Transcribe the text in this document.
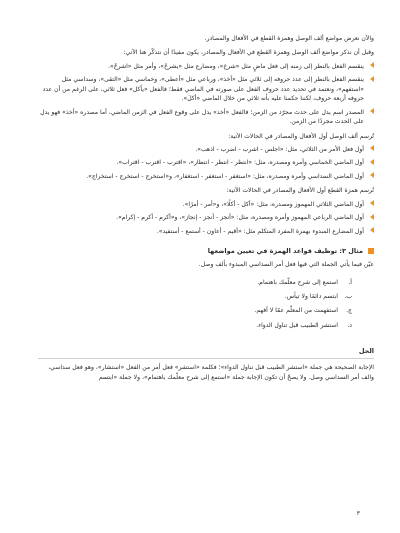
والآن نعرض مواضع ألف الوصل وهمزة القطع في الأفعال والمصادر.

وقبل أن نذكر مواضع ألف الوصل وهمزة القطع في الأفعال والمصادر، يكون مفيدًا أن نتذكّر هنا الآتي:

ينقسم الفعل بالنظر إلى زمنه إلى فعل ماضٍ مثل «شرحَ»، ومضارع مثل «يشرحُ»، وأمر مثل «اشرحْ».
ينقسم الفعل بالنظر إلى عدد حروفه إلى ثلاثي مثل «أخذ»، ورباعي مثل «أعطى»، وخماسي مثل «التقى»، وسداسي مثل «استفهم»، ونعتمد في تحديد عدد حروف الفعل على صورته في الماضي فقط؛ فالفعل «يأكل» فعل ثلاثي، على الرغم من أن عدد حروفه أربعة حروف، لكننا حكمنا عليه بأنه ثلاثي من خلال الماضي «أكلَ».
المصدر اسم يدل على حدث مجرّد من الزمن؛ فالفعل «أخذ» يدل على وقوع الفعل في الزمن الماضي، أما مصدره «أخذ» فهو يدل على الحدث مجردًا من الزمن.

تُرسم ألف الوصل أول الأفعال والمصادر في الحالات الآتية:

أول فعل الأمر من الثلاثي، مثل: «اجلس - اشرب - اضرب - اذهب».
أول الماضي الخماسي وأمره ومصدره، مثل: «انتظر - انتظر - انتظار»، «اقترب - اقترب - اقتراب».
أول الماضي السداسي وأمره ومصدره، مثل: «استغفر - استغفر - استغفار»، و«استخرج - استخرج - استخراج».

تُرسم همزة القطع أول الأفعال والمصادر في الحالات الآتية:

أول الماضي الثلاثي المهموز ومصدره، مثل: «أكل - أكلًا»، و«أمر - أمرًا».
أول الماضي الرباعي المهموز وأمره ومصدره، مثل: «أنجز - أنجز - إنجاز»، و«أكرم - أكرم - إكرام».
أول المضارع المبدوء بهمزة المفرد المتكلم مثل: «أقيم - أعاون - أستمع - أستفيد».
مثال ٣: توظيف قواعد الهمزة في تعيين مواضعها

عيّن فيما يأتي الجملة التي فيها فعل أمر السداسي المبدوء بألف وصل.

أ.
استمع إلى شرح معلّمك باهتمام.
ب.
ابتسم دائمًا ولا تيأس.
ج.
استفهمت من المعلّم عمّا لا أفهم.
د.
استشر الطبيب قبل تناول الدواء.
الحل

الإجابة الصحيحة هي جملة «استشر الطبيب قبل تناول الدواء»؛ فكلمة «استشر» فعل أمر من الفعل «استشار»، وهو فعل سداسي، والف أمر السداسي وصل. ولا يصحّ أن تكون الإجابة جملة «استمع إلى شرح معلّمك باهتمام»، ولا جملة «ابتسم

٣
